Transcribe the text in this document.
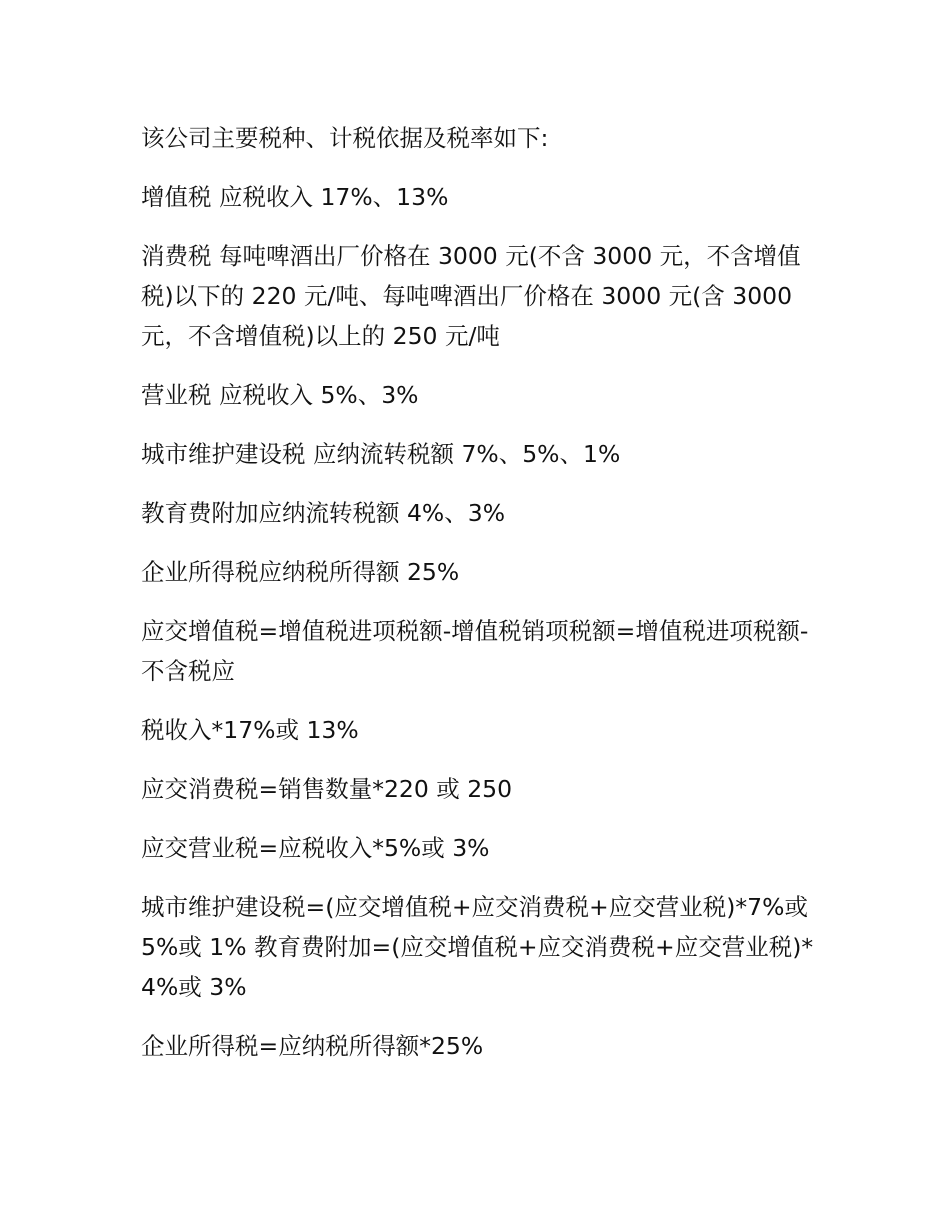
该公司主要税种、计税依据及税率如下:

增值税 应税收入 17%、13%

消费税 每吨啤酒出厂价格在 3000 元(不含 3000 元，不含增值税)以下的 220 元/吨、每吨啤酒出厂价格在 3000 元(含 3000 元，不含增值税)以上的 250 元/吨

营业税 应税收入 5%、3%

城市维护建设税 应纳流转税额 7%、5%、1%

教育费附加应纳流转税额 4%、3%

企业所得税应纳税所得额 25%

应交增值税=增值税进项税额-增值税销项税额=增值税进项税额-不含税应

税收入*17%或 13%

应交消费税=销售数量*220 或 250

应交营业税=应税收入*5%或 3%

城市维护建设税=(应交增值税+应交消费税+应交营业税)*7%或 5%或 1% 教育费附加=(应交增值税+应交消费税+应交营业税)*4%或 3%

企业所得税=应纳税所得额*25%
